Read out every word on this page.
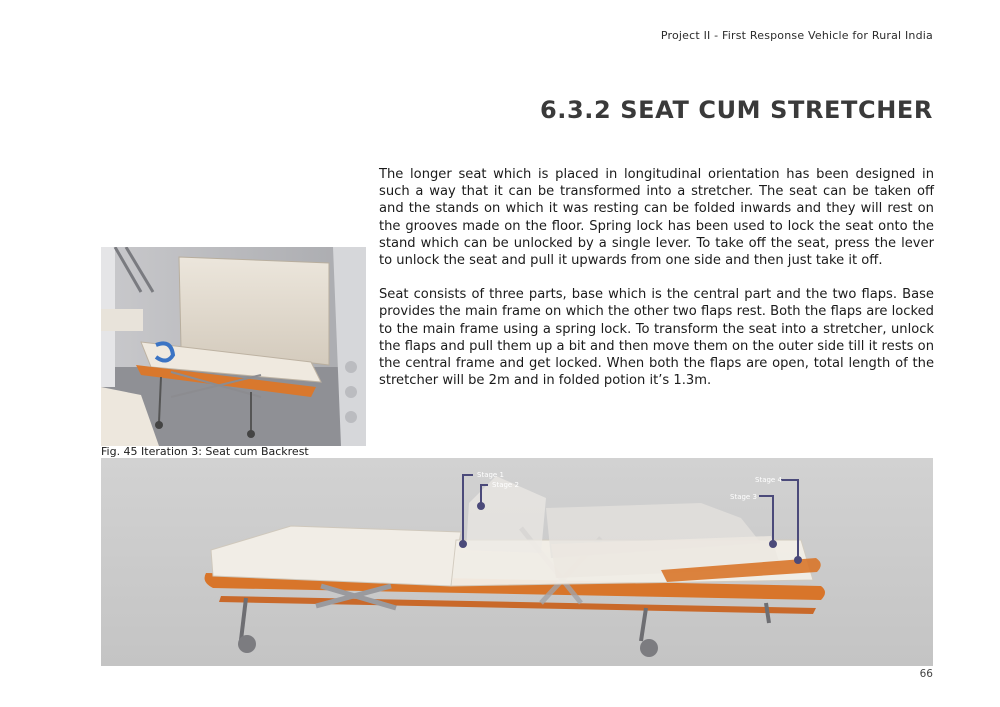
Project II - First Response Vehicle for Rural India
6.3.2 SEAT CUM STRETCHER

The longer seat which is placed in longitudinal orientation has been designed in such a way that it can be transformed into a stretcher. The seat can be taken off and the stands on which it was resting can be folded inwards and they will rest on the grooves made on the floor. Spring lock has been used to lock the seat onto the stand which can be unlocked by a single lever. To take off the seat, press the lever to unlock the seat and pull it upwards from one side and then just take it off.

Seat consists of three parts, base which is the central part and the two flaps. Base provides the main frame on which the other two flaps rest. Both the flaps are locked to the main frame using a spring lock. To transform the seat into a stretcher, unlock the flaps and pull them up a bit and then move them on the outer side till it rests on the central frame and get locked. When both the flaps are open, total length of the stretcher will be 2m and in folded potion it’s 1.3m.

Fig. 45 Iteration 3: Seat cum Backrest
Stage 1
Stage 2
Stage 3
Stage 4
66
